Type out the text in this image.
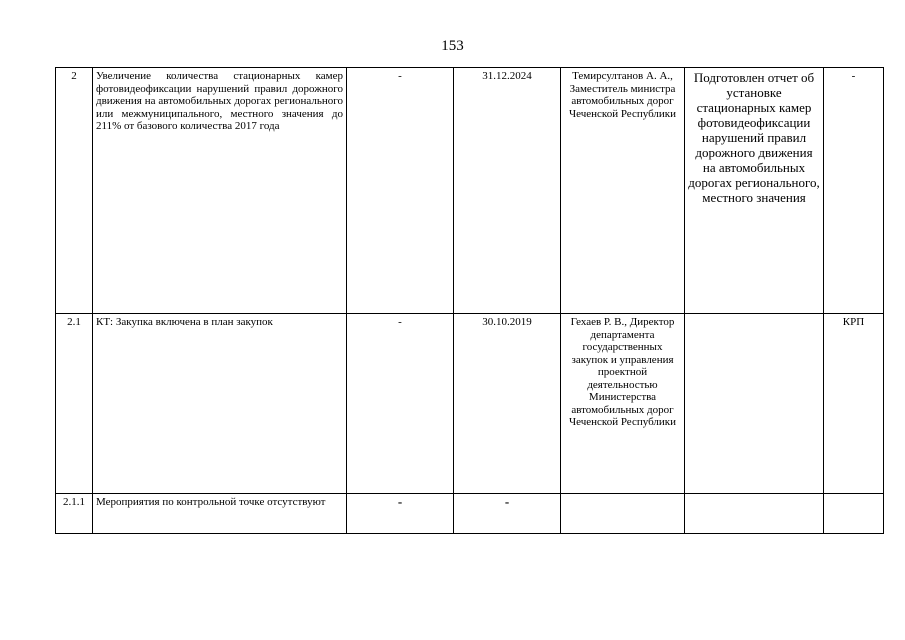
153
2	Увеличение количества стационарных камер фотовидеофиксации нарушений правил дорожного движения на автомобильных дорогах регионального или межмуниципального, местного значения до 211% от базового количества 2017 года	-	31.12.2024	Темирсултанов А. А., Заместитель министра автомобильных дорог Чеченской Республики	Подготовлен отчет об установке стационарных камер фотовидеофиксации нарушений правил дорожного движения на автомобильных дорогах регионального, местного значения	-
2.1	КТ: Закупка включена в план закупок	-	30.10.2019	Гехаев Р. В., Директор департамента государственных закупок и управления проектной деятельностью Министерства автомобильных дорог Чеченской Республики		КРП
2.1.1	Мероприятия по контрольной точке отсутствуют	-	-			
